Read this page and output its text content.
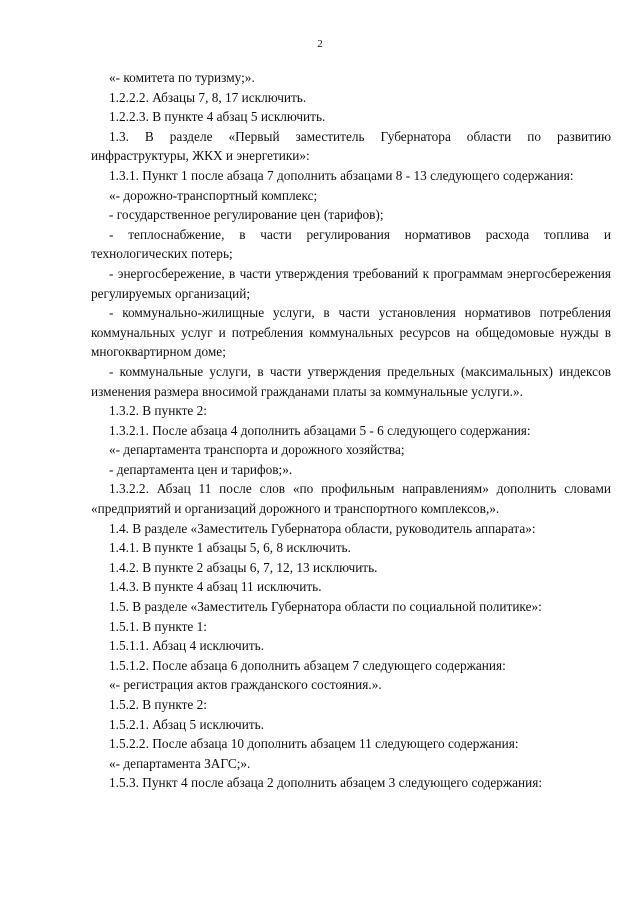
2

«- комитета по туризму;».

1.2.2.2. Абзацы 7, 8, 17 исключить.

1.2.2.3. В пункте 4 абзац 5 исключить.

1.3. В разделе «Первый заместитель Губернатора области по развитию инфраструктуры, ЖКХ и энергетики»:

1.3.1. Пункт 1 после абзаца 7 дополнить абзацами 8 - 13 следующего содержания:

«- дорожно-транспортный комплекс;

- государственное регулирование цен (тарифов);

- теплоснабжение, в части регулирования нормативов расхода топлива и технологических потерь;

- энергосбережение, в части утверждения требований к программам энергосбережения регулируемых организаций;

- коммунально-жилищные услуги, в части установления нормативов потребления коммунальных услуг и потребления коммунальных ресурсов на общедомовые нужды в многоквартирном доме;

- коммунальные услуги, в части утверждения предельных (максимальных) индексов изменения размера вносимой гражданами платы за коммунальные услуги.».

1.3.2. В пункте 2:

1.3.2.1. После абзаца 4 дополнить абзацами 5 - 6 следующего содержания:

«- департамента транспорта и дорожного хозяйства;

- департамента цен и тарифов;».

1.3.2.2. Абзац 11 после слов «по профильным направлениям» дополнить словами «предприятий и организаций дорожного и транспортного комплексов,».

1.4. В разделе «Заместитель Губернатора области, руководитель аппарата»:

1.4.1. В пункте 1 абзацы 5, 6, 8 исключить.

1.4.2. В пункте 2 абзацы 6, 7, 12, 13 исключить.

1.4.3. В пункте 4 абзац 11 исключить.

1.5. В разделе «Заместитель Губернатора области по социальной политике»:

1.5.1. В пункте 1:

1.5.1.1. Абзац 4 исключить.

1.5.1.2. После абзаца 6 дополнить абзацем 7 следующего содержания:

«- регистрация актов гражданского состояния.».

1.5.2. В пункте 2:

1.5.2.1. Абзац 5 исключить.

1.5.2.2. После абзаца 10 дополнить абзацем 11 следующего содержания:

«- департамента ЗАГС;».

1.5.3. Пункт 4 после абзаца 2 дополнить абзацем 3 следующего содержания:
